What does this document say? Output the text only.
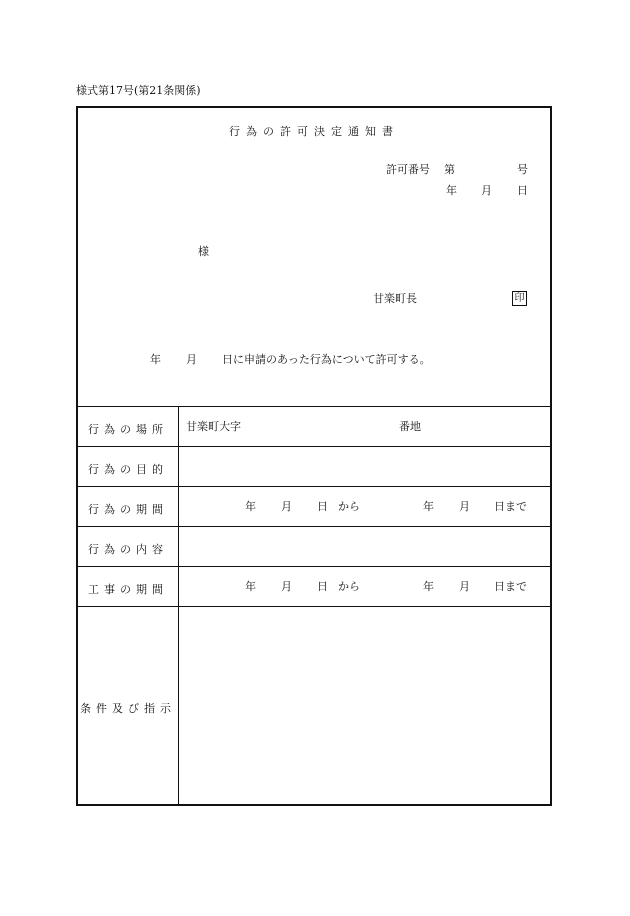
様式第17号(第21条関係)
行為の許可決定通知書
許可番号 第	号
年 月 日
様
甘楽町長	印
年 月 日に申請のあった行為について許可する。
行為の場所	甘楽町大字	番地
行為の目的
行為の期間	年 月 日 から	年 月 日まで
行為の内容
工事の期間	年 月 日 から	年 月 日まで
条件及び指示
